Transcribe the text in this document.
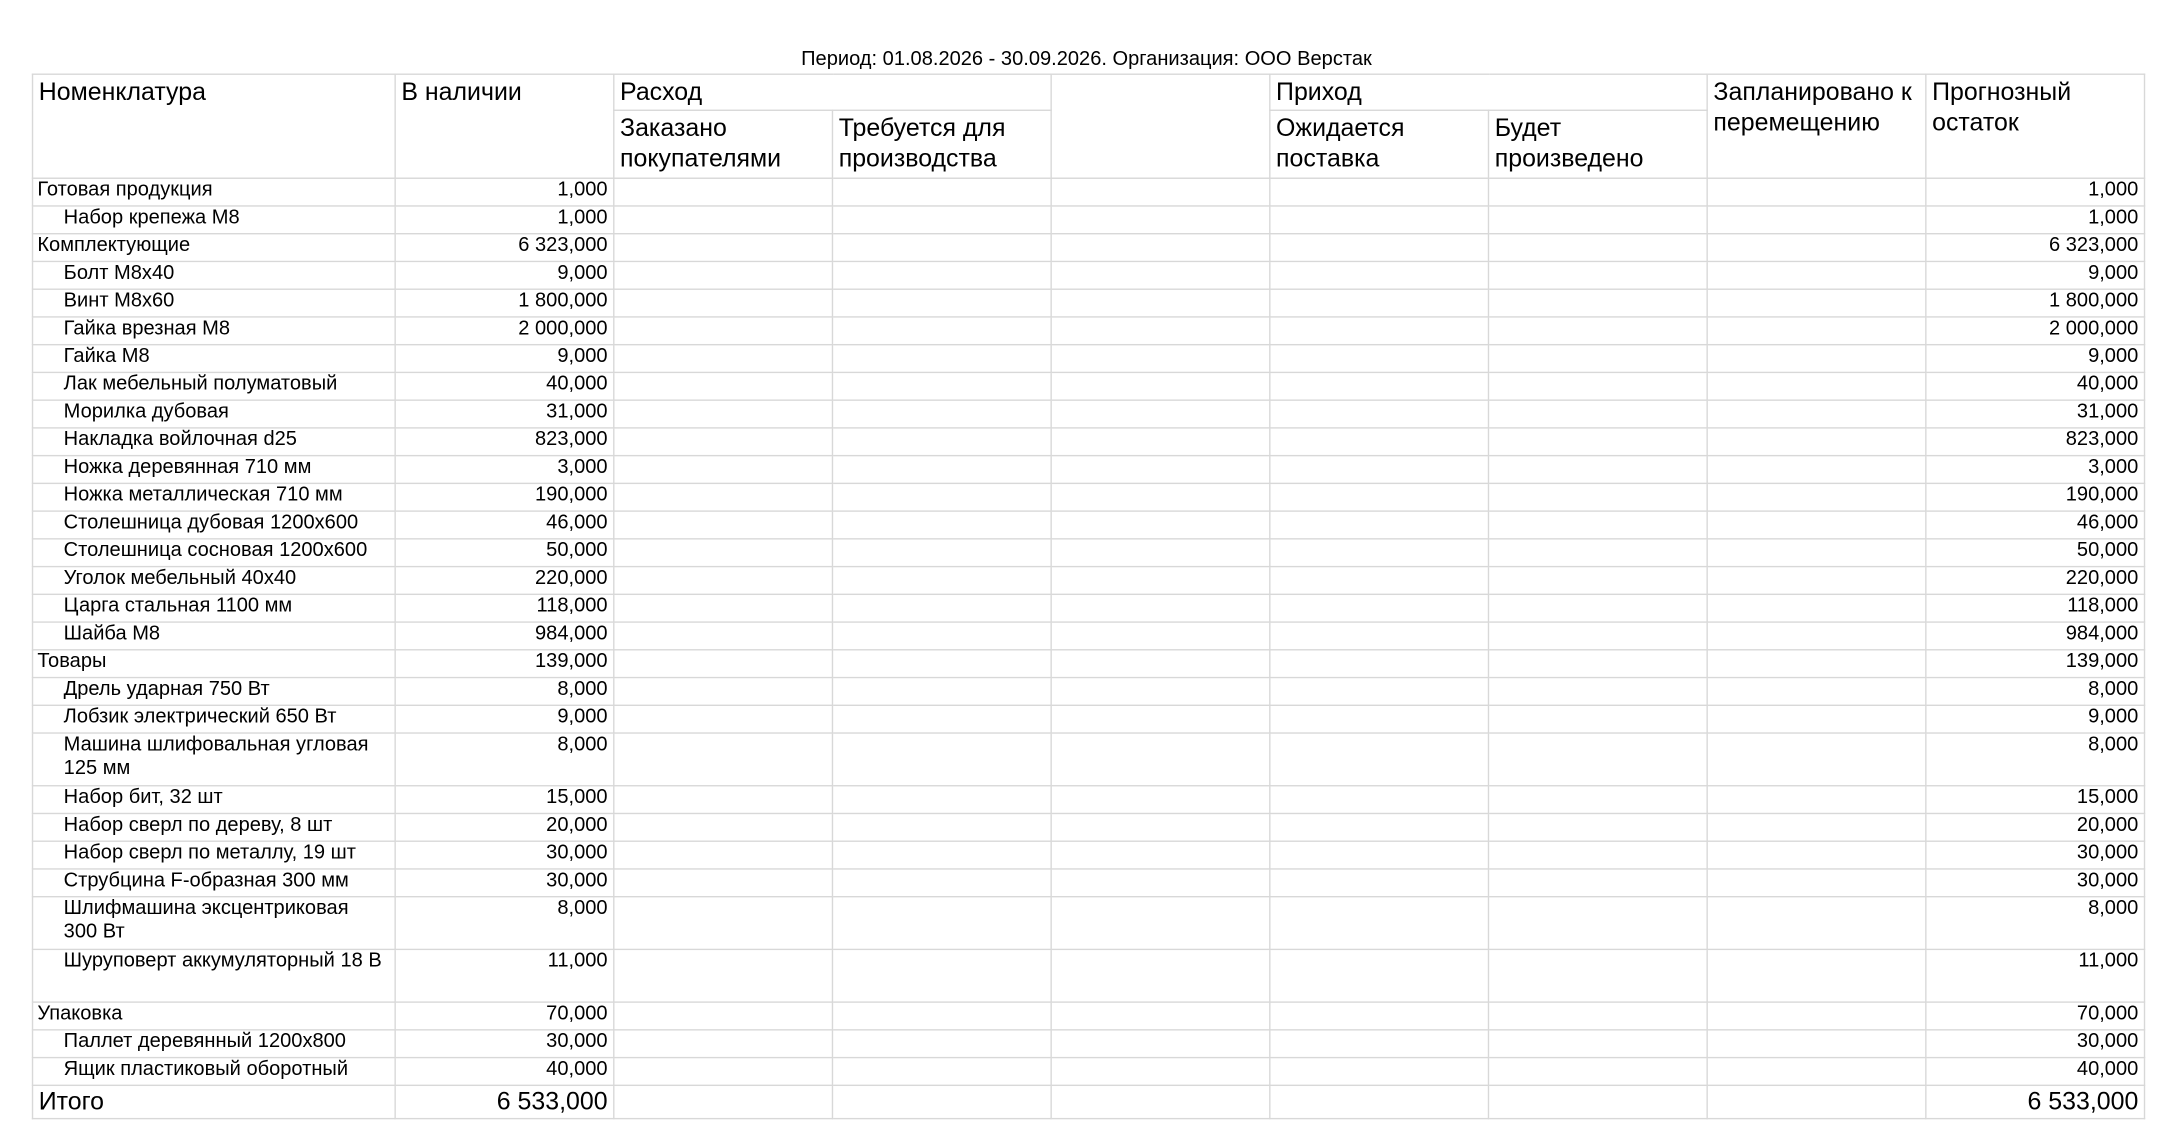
Период: 01.08.2026 - 30.09.2026. Организация: ООО Верстак
Номенклатура	В наличии	Расход			Приход		Запланировано к перемещению	Прогнозный остаток
		Заказано покупателями	Требуется для производства		Ожидается поставка	Будет произведено		
Готовая продукция	1,000							1,000
Набор крепежа М8	1,000							1,000
Комплектующие	6 323,000							6 323,000
Болт М8х40	9,000							9,000
Винт М8х60	1 800,000							1 800,000
Гайка врезная М8	2 000,000							2 000,000
Гайка М8	9,000							9,000
Лак мебельный полуматовый	40,000							40,000
Морилка дубовая	31,000							31,000
Накладка войлочная d25	823,000							823,000
Ножка деревянная 710 мм	3,000							3,000
Ножка металлическая 710 мм	190,000							190,000
Столешница дубовая 1200х600	46,000							46,000
Столешница сосновая 1200х600	50,000							50,000
Уголок мебельный 40х40	220,000							220,000
Царга стальная 1100 мм	118,000							118,000
Шайба М8	984,000							984,000
Товары	139,000							139,000
Дрель ударная 750 Вт	8,000							8,000
Лобзик электрический 650 Вт	9,000							9,000
Машина шлифовальная угловая 125 мм	8,000							8,000
Набор бит, 32 шт	15,000							15,000
Набор сверл по дереву, 8 шт	20,000							20,000
Набор сверл по металлу, 19 шт	30,000							30,000
Струбцина F-образная 300 мм	30,000							30,000
Шлифмашина эксцентриковая 300 Вт	8,000							8,000
Шуруповерт аккумуляторный 18 В	11,000							11,000
Упаковка	70,000							70,000
Паллет деревянный 1200х800	30,000							30,000
Ящик пластиковый оборотный	40,000							40,000
Итого	6 533,000							6 533,000
